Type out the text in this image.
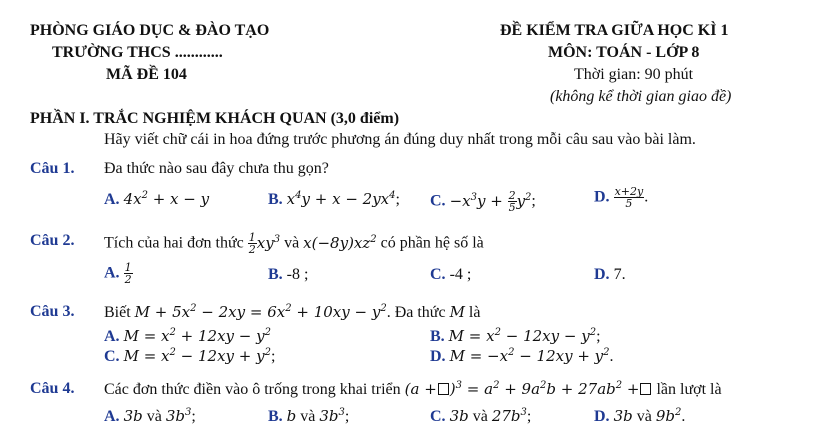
PHÒNG GIÁO DỤC & ĐÀO TẠO
TRƯỜNG THCS ............
MÃ ĐỀ 104
ĐỀ KIỂM TRA GIỮA HỌC KÌ 1
MÔN: TOÁN - LỚP 8
Thời gian: 90 phút
(không kể thời gian giao đề)
PHẦN I. TRẮC NGHIỆM KHÁCH QUAN (3,0 điểm)
Hãy viết chữ cái in hoa đứng trước phương án đúng duy nhất trong mỗi câu sau vào bài làm.
Câu 1. Đa thức nào sau đây chưa thu gọn?
A. $4x^2 + x - y$	B. $x^4y + x - 2yx^4$; C. $-x^3y + \frac{2}{5} y^2$;	D. $\frac{x+2y}{5}$ .
Câu 2. Tích của hai đơn thức $\frac{1}{2} xy^3$ và $x(-8y)xz^2$ có phần hệ số là
A. $\frac{1}{2}$	B. -8 ;	C. -4 ;	D. 7.
Câu 3. Biết $M + 5x^2 - 2xy = 6x^2 + 10xy - y^2$. Đa thức M là
A. $M = x^2 + 12xy - y^2$	B. $M = x^2 - 12xy - y^2$;
C. $M = x^2 - 12xy + y^2$;	D. $M = -x^2 - 12xy + y^2$.
Câu 4. Các đơn thức điền vào ô trống trong khai triển $(a + )^3 = a^2 + 9a^2b + 27ab^2$ + lần lượt là
A. 3b và $3b^3$;	B. b và $3b^3$;	C. 3b và $27b^3$;	D. 3b và $9b^2$.
